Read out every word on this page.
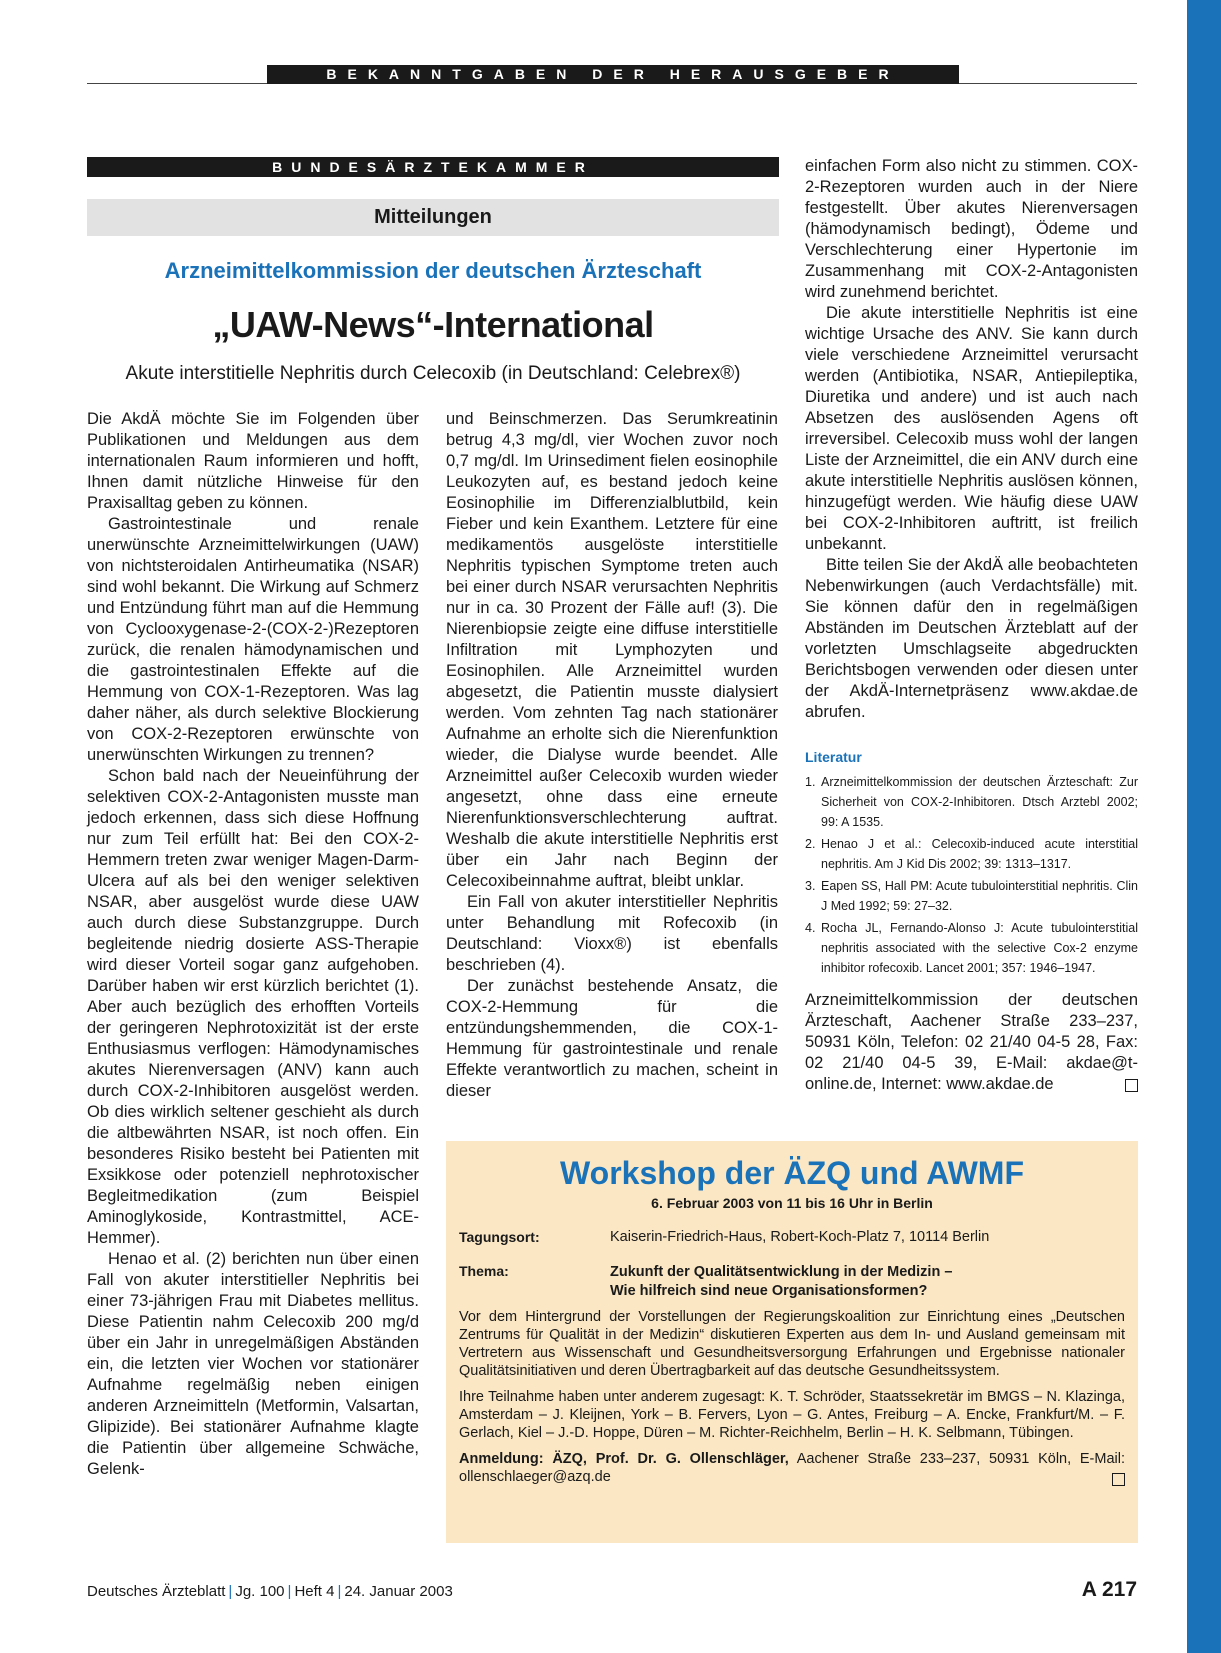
BEKANNTGABEN DER HERAUSGEBER
BUNDESÄRZTEKAMMER
Mitteilungen
Arzneimittelkommission der deutschen Ärzteschaft
„UAW-News“-International
Akute interstitielle Nephritis durch Celecoxib (in Deutschland: Celebrex®)

Die AkdÄ möchte Sie im Folgenden über Publikationen und Meldungen aus dem internationalen Raum informieren und hofft, Ihnen damit nützliche Hinweise für den Praxisalltag geben zu können.

Gastrointestinale und renale unerwünschte Arzneimittelwirkungen (UAW) von nichtsteroidalen Antirheumatika (NSAR) sind wohl bekannt. Die Wirkung auf Schmerz und Entzündung führt man auf die Hemmung von Cyclooxygenase-2-(COX-2-)Rezeptoren zurück, die renalen hämodynamischen und die gastrointestinalen Effekte auf die Hemmung von COX-1-Rezeptoren. Was lag daher näher, als durch selektive Blockierung von COX-2-Rezeptoren erwünschte von unerwünschten Wirkungen zu trennen?

Schon bald nach der Neueinführung der selektiven COX-2-Antagonisten musste man jedoch erkennen, dass sich diese Hoffnung nur zum Teil erfüllt hat: Bei den COX-2-Hemmern treten zwar weniger Magen-Darm-Ulcera auf als bei den weniger selektiven NSAR, aber ausgelöst wurde diese UAW auch durch diese Substanzgruppe. Durch begleitende niedrig dosierte ASS-Therapie wird dieser Vorteil sogar ganz aufgehoben. Darüber haben wir erst kürzlich berichtet (1). Aber auch bezüglich des erhofften Vorteils der geringeren Nephrotoxizität ist der erste Enthusiasmus verflogen: Hämodynamisches akutes Nierenversagen (ANV) kann auch durch COX-2-Inhibitoren ausgelöst werden. Ob dies wirklich seltener geschieht als durch die altbewährten NSAR, ist noch offen. Ein besonderes Risiko besteht bei Patienten mit Exsikkose oder potenziell nephrotoxischer Begleitmedikation (zum Beispiel Aminoglykoside, Kontrastmittel, ACE-Hemmer).

Henao et al. (2) berichten nun über einen Fall von akuter interstitieller Nephritis bei einer 73-jährigen Frau mit Diabetes mellitus. Diese Patientin nahm Celecoxib 200 mg/d über ein Jahr in unregelmäßigen Abständen ein, die letzten vier Wochen vor stationärer Aufnahme regelmäßig neben einigen anderen Arzneimitteln (Metformin, Valsartan, Glipizide). Bei stationärer Aufnahme klagte die Patientin über allgemeine Schwäche, Gelenk-

und Beinschmerzen. Das Serumkreatinin betrug 4,3 mg/dl, vier Wochen zuvor noch 0,7 mg/dl. Im Urinsediment fielen eosinophile Leukozyten auf, es bestand jedoch keine Eosinophilie im Differenzialblutbild, kein Fieber und kein Exanthem. Letztere für eine medikamentös ausgelöste interstitielle Nephritis typischen Symptome treten auch bei einer durch NSAR verursachten Nephritis nur in ca. 30 Prozent der Fälle auf! (3). Die Nierenbiopsie zeigte eine diffuse interstitielle Infiltration mit Lymphozyten und Eosinophilen. Alle Arzneimittel wurden abgesetzt, die Patientin musste dialysiert werden. Vom zehnten Tag nach stationärer Aufnahme an erholte sich die Nierenfunktion wieder, die Dialyse wurde beendet. Alle Arzneimittel außer Celecoxib wurden wieder angesetzt, ohne dass eine erneute Nierenfunktionsverschlechterung auftrat. Weshalb die akute interstitielle Nephritis erst über ein Jahr nach Beginn der Celecoxibeinnahme auftrat, bleibt unklar.

Ein Fall von akuter interstitieller Nephritis unter Behandlung mit Rofecoxib (in Deutschland: Vioxx®) ist ebenfalls beschrieben (4).

Der zunächst bestehende Ansatz, die COX-2-Hemmung für die entzündungshemmenden, die COX-1-Hemmung für gastrointestinale und renale Effekte verantwortlich zu machen, scheint in dieser

einfachen Form also nicht zu stimmen. COX-2-Rezeptoren wurden auch in der Niere festgestellt. Über akutes Nierenversagen (hämodynamisch bedingt), Ödeme und Verschlechterung einer Hypertonie im Zusammenhang mit COX-2-Antagonisten wird zunehmend berichtet.

Die akute interstitielle Nephritis ist eine wichtige Ursache des ANV. Sie kann durch viele verschiedene Arzneimittel verursacht werden (Antibiotika, NSAR, Antiepileptika, Diuretika und andere) und ist auch nach Absetzen des auslösenden Agens oft irreversibel. Celecoxib muss wohl der langen Liste der Arzneimittel, die ein ANV durch eine akute interstitielle Nephritis auslösen können, hinzugefügt werden. Wie häufig diese UAW bei COX-2-Inhibitoren auftritt, ist freilich unbekannt.

Bitte teilen Sie der AkdÄ alle beobachteten Nebenwirkungen (auch Verdachtsfälle) mit. Sie können dafür den in regelmäßigen Abständen im Deutschen Ärzteblatt auf der vorletzten Umschlagseite abgedruckten Berichtsbogen verwenden oder diesen unter der AkdÄ-Internetpräsenz www.akdae.de abrufen.

Literatur
1. Arzneimittelkommission der deutschen Ärzteschaft: Zur Sicherheit von COX-2-Inhibitoren. Dtsch Arztebl 2002; 99: A 1535.
2. Henao J et al.: Celecoxib-induced acute interstitial nephritis. Am J Kid Dis 2002; 39: 1313–1317.
3. Eapen SS, Hall PM: Acute tubulointerstitial nephritis. Clin J Med 1992; 59: 27–32.
4. Rocha JL, Fernando-Alonso J: Acute tubulointerstitial nephritis associated with the selective Cox-2 enzyme inhibitor rofecoxib. Lancet 2001; 357: 1946–1947.

Arzneimittelkommission der deutschen Ärzteschaft, Aachener Straße 233–237, 50931 Köln, Telefon: 02 21/40 04-5 28, Fax: 02 21/40 04-5 39, E-Mail: akdae@t-online.de, Internet: www.akdae.de

Workshop der ÄZQ und AWMF
6. Februar 2003 von 11 bis 16 Uhr in Berlin
Tagungsort:	Kaiserin-Friedrich-Haus, Robert-Koch-Platz 7, 10114 Berlin
Thema:	Zukunft der Qualitätsentwicklung in der Medizin –
Wie hilfreich sind neue Organisationsformen?
Vor dem Hintergrund der Vorstellungen der Regierungskoalition zur Einrichtung eines „Deutschen Zentrums für Qualität in der Medizin“ diskutieren Experten aus dem In- und Ausland gemeinsam mit Vertretern aus Wissenschaft und Gesundheitsversorgung Erfahrungen und Ergebnisse nationaler Qualitätsinitiativen und deren Übertragbarkeit auf das deutsche Gesundheitssystem.
Ihre Teilnahme haben unter anderem zugesagt: K. T. Schröder, Staatssekretär im BMGS – N. Klazinga, Amsterdam – J. Kleijnen, York – B. Fervers, Lyon – G. Antes, Freiburg – A. Encke, Frankfurt/M. – F. Gerlach, Kiel – J.-D. Hoppe, Düren – M. Richter-Reichhelm, Berlin – H. K. Selbmann, Tübingen.
Anmeldung: ÄZQ, Prof. Dr. G. Ollenschläger, Aachener Straße 233–237, 50931 Köln, E-Mail: ollenschlaeger@azq.de
Deutsches Ärzteblatt | Jg. 100 | Heft 4 | 24. Januar 2003	A 217
